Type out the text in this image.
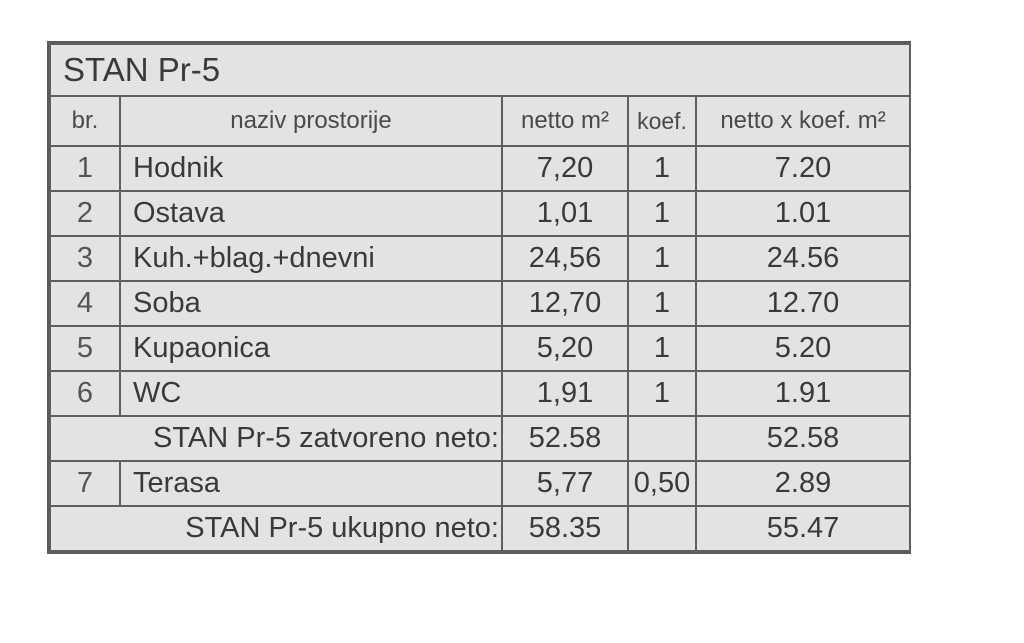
STAN Pr-5				
br.	naziv prostorije	netto m²	koef.	netto x koef. m²
1	Hodnik	7,20	1	7.20
2	Ostava	1,01	1	1.01
3	Kuh.+blag.+dnevni	24,56	1	24.56
4	Soba	12,70	1	12.70
5	Kupaonica	5,20	1	5.20
6	WC	1,91	1	1.91
STAN Pr-5 zatvoreno neto:		52.58		52.58
7	Terasa	5,77	0,50	2.89
STAN Pr-5 ukupno neto:		58.35		55.47
